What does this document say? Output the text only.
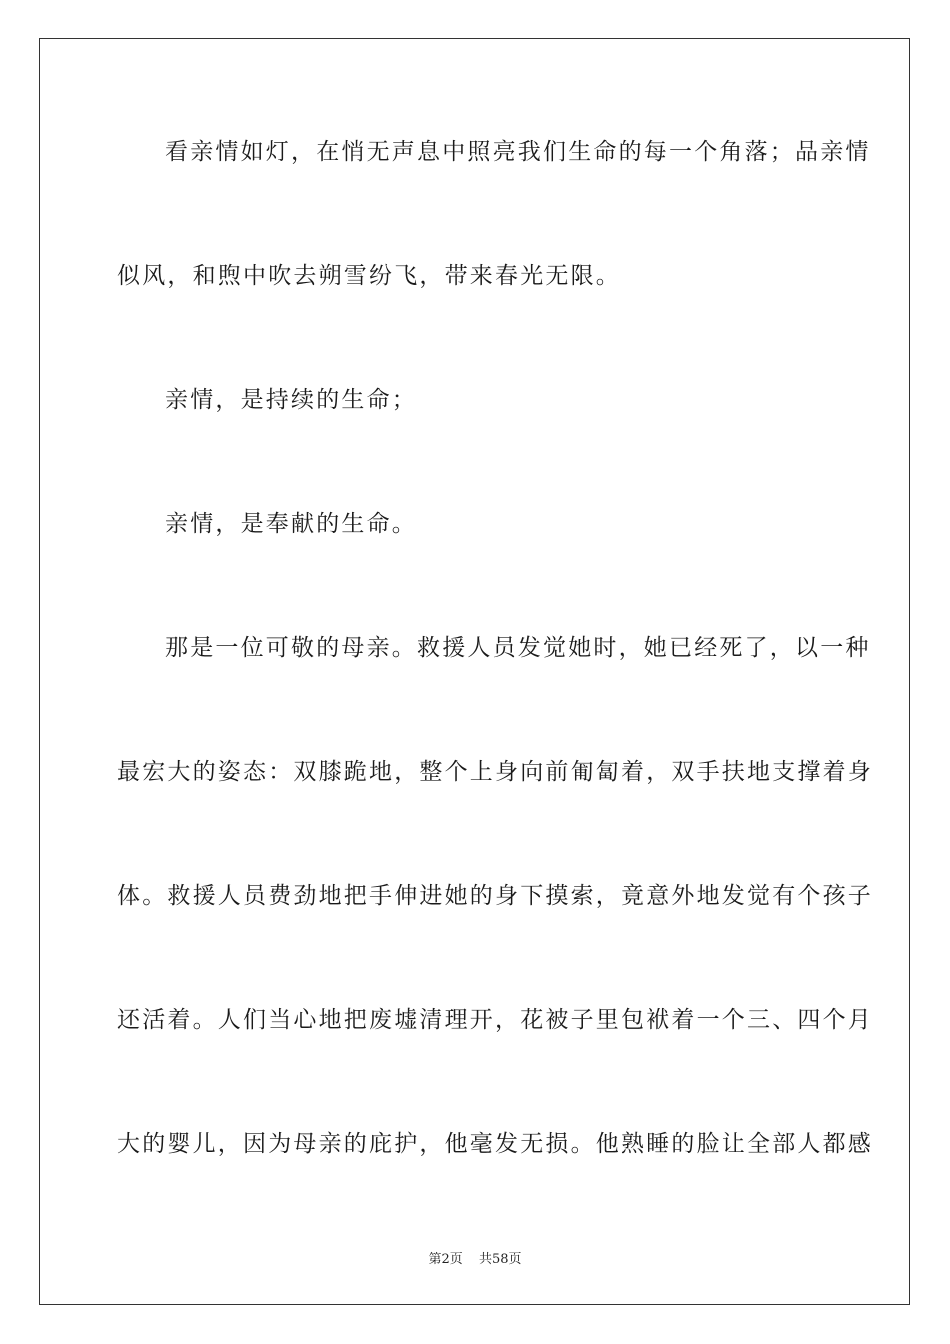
看亲情如灯，在悄无声息中照亮我们生命的每一个角落；品亲情
似风，和煦中吹去朔雪纷飞，带来春光无限。
亲情，是持续的生命；
亲情，是奉献的生命。
那是一位可敬的母亲。救援人员发觉她时，她已经死了，以一种
最宏大的姿态：双膝跪地，整个上身向前匍匐着，双手扶地支撑着身
体。救援人员费劲地把手伸进她的身下摸索，竟意外地发觉有个孩子
还活着。人们当心地把废墟清理开，花被子里包袱着一个三、四个月
大的婴儿，因为母亲的庇护，他毫发无损。他熟睡的脸让全部人都感
第2页 共58页
